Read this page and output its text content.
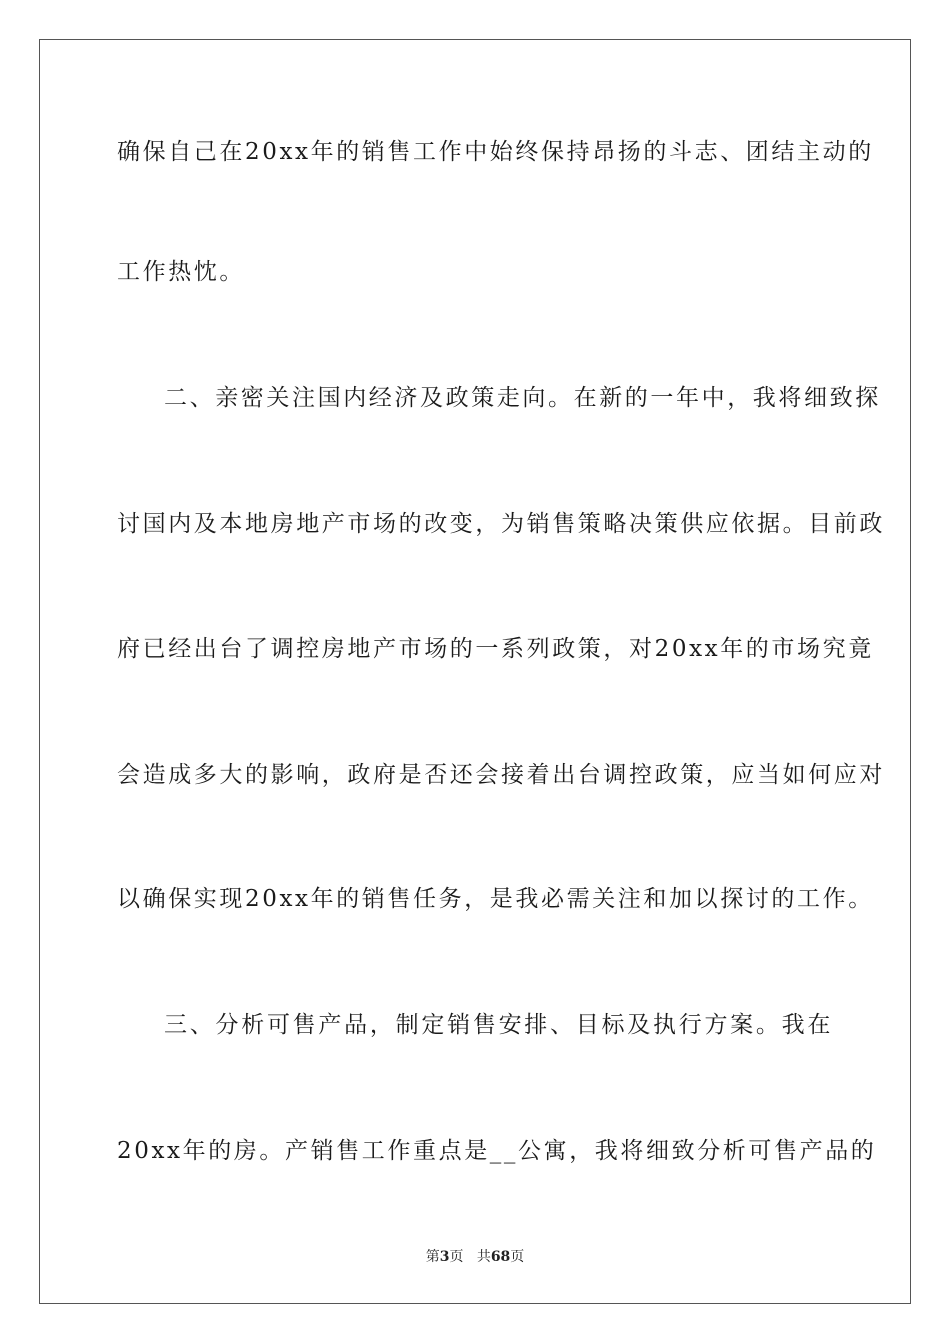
确保自己在20xx年的销售工作中始终保持昂扬的斗志、团结主动的
工作热忱。
二、亲密关注国内经济及政策走向。在新的一年中，我将细致探
讨国内及本地房地产市场的改变，为销售策略决策供应依据。目前政
府已经出台了调控房地产市场的一系列政策，对20xx年的市场究竟
会造成多大的影响，政府是否还会接着出台调控政策，应当如何应对
以确保实现20xx年的销售任务，是我必需关注和加以探讨的工作。
三、分析可售产品，制定销售安排、目标及执行方案。我在
20xx年的房。产销售工作重点是__公寓，我将细致分析可售产品的
第3页 共68页
